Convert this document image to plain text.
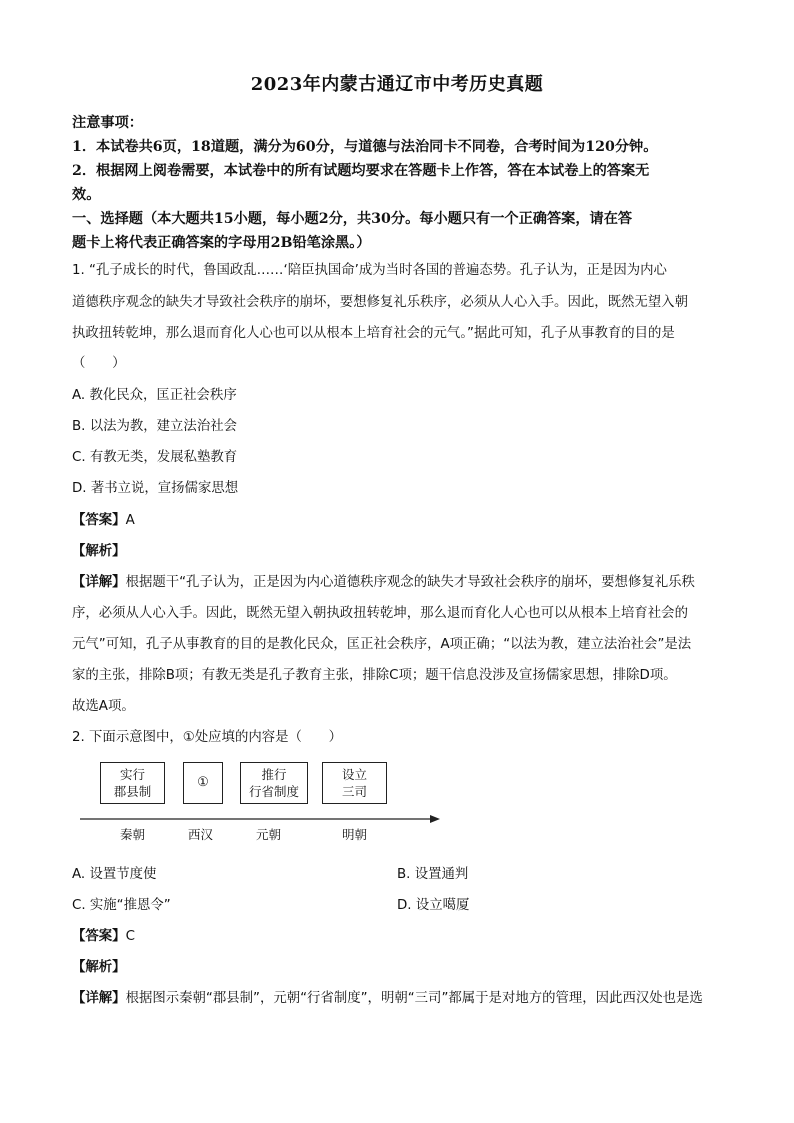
2023年内蒙古通辽市中考历史真题
注意事项：
1．本试卷共6页，18道题，满分为60分，与道德与法治同卡不同卷，合考时间为120分钟。
2．根据网上阅卷需要，本试卷中的所有试题均要求在答题卡上作答，答在本试卷上的答案无
效。
一、选择题（本大题共15小题，每小题2分，共30分。每小题只有一个正确答案，请在答
题卡上将代表正确答案的字母用2B铅笔涂黑。）
1. “孔子成长的时代，鲁国政乱……‘陪臣执国命’成为当时各国的普遍态势。孔子认为，正是因为内心
道德秩序观念的缺失才导致社会秩序的崩坏，要想修复礼乐秩序，必须从人心入手。因此，既然无望入朝
执政扭转乾坤，那么退而育化人心也可以从根本上培育社会的元气。”据此可知，孔子从事教育的目的是
（　　）
A. 教化民众，匡正社会秩序
B. 以法为教，建立法治社会
C. 有教无类，发展私塾教育
D. 著书立说，宣扬儒家思想
【答案】A
【解析】
【详解】根据题干“孔子认为，正是因为内心道德秩序观念的缺失才导致社会秩序的崩坏，要想修复礼乐秩
序，必须从人心入手。因此，既然无望入朝执政扭转乾坤，那么退而育化人心也可以从根本上培育社会的
元气”可知，孔子从事教育的目的是教化民众，匡正社会秩序，A项正确；“以法为教，建立法治社会”是法
家的主张，排除B项；有教无类是孔子教育主张，排除C项；题干信息没涉及宣扬儒家思想，排除D项。
故选A项。
2. 下面示意图中，①处应填的内容是（　　）
实行
郡县制
①
推行
行省制度
设立
三司
秦朝	西汉	元朝	明朝
A. 设置节度使	B. 设置通判
C. 实施“推恩令”	D. 设立噶厦
【答案】C
【解析】
【详解】根据图示秦朝“郡县制”，元朝“行省制度”，明朝“三司”都属于是对地方的管理，因此西汉处也是选
